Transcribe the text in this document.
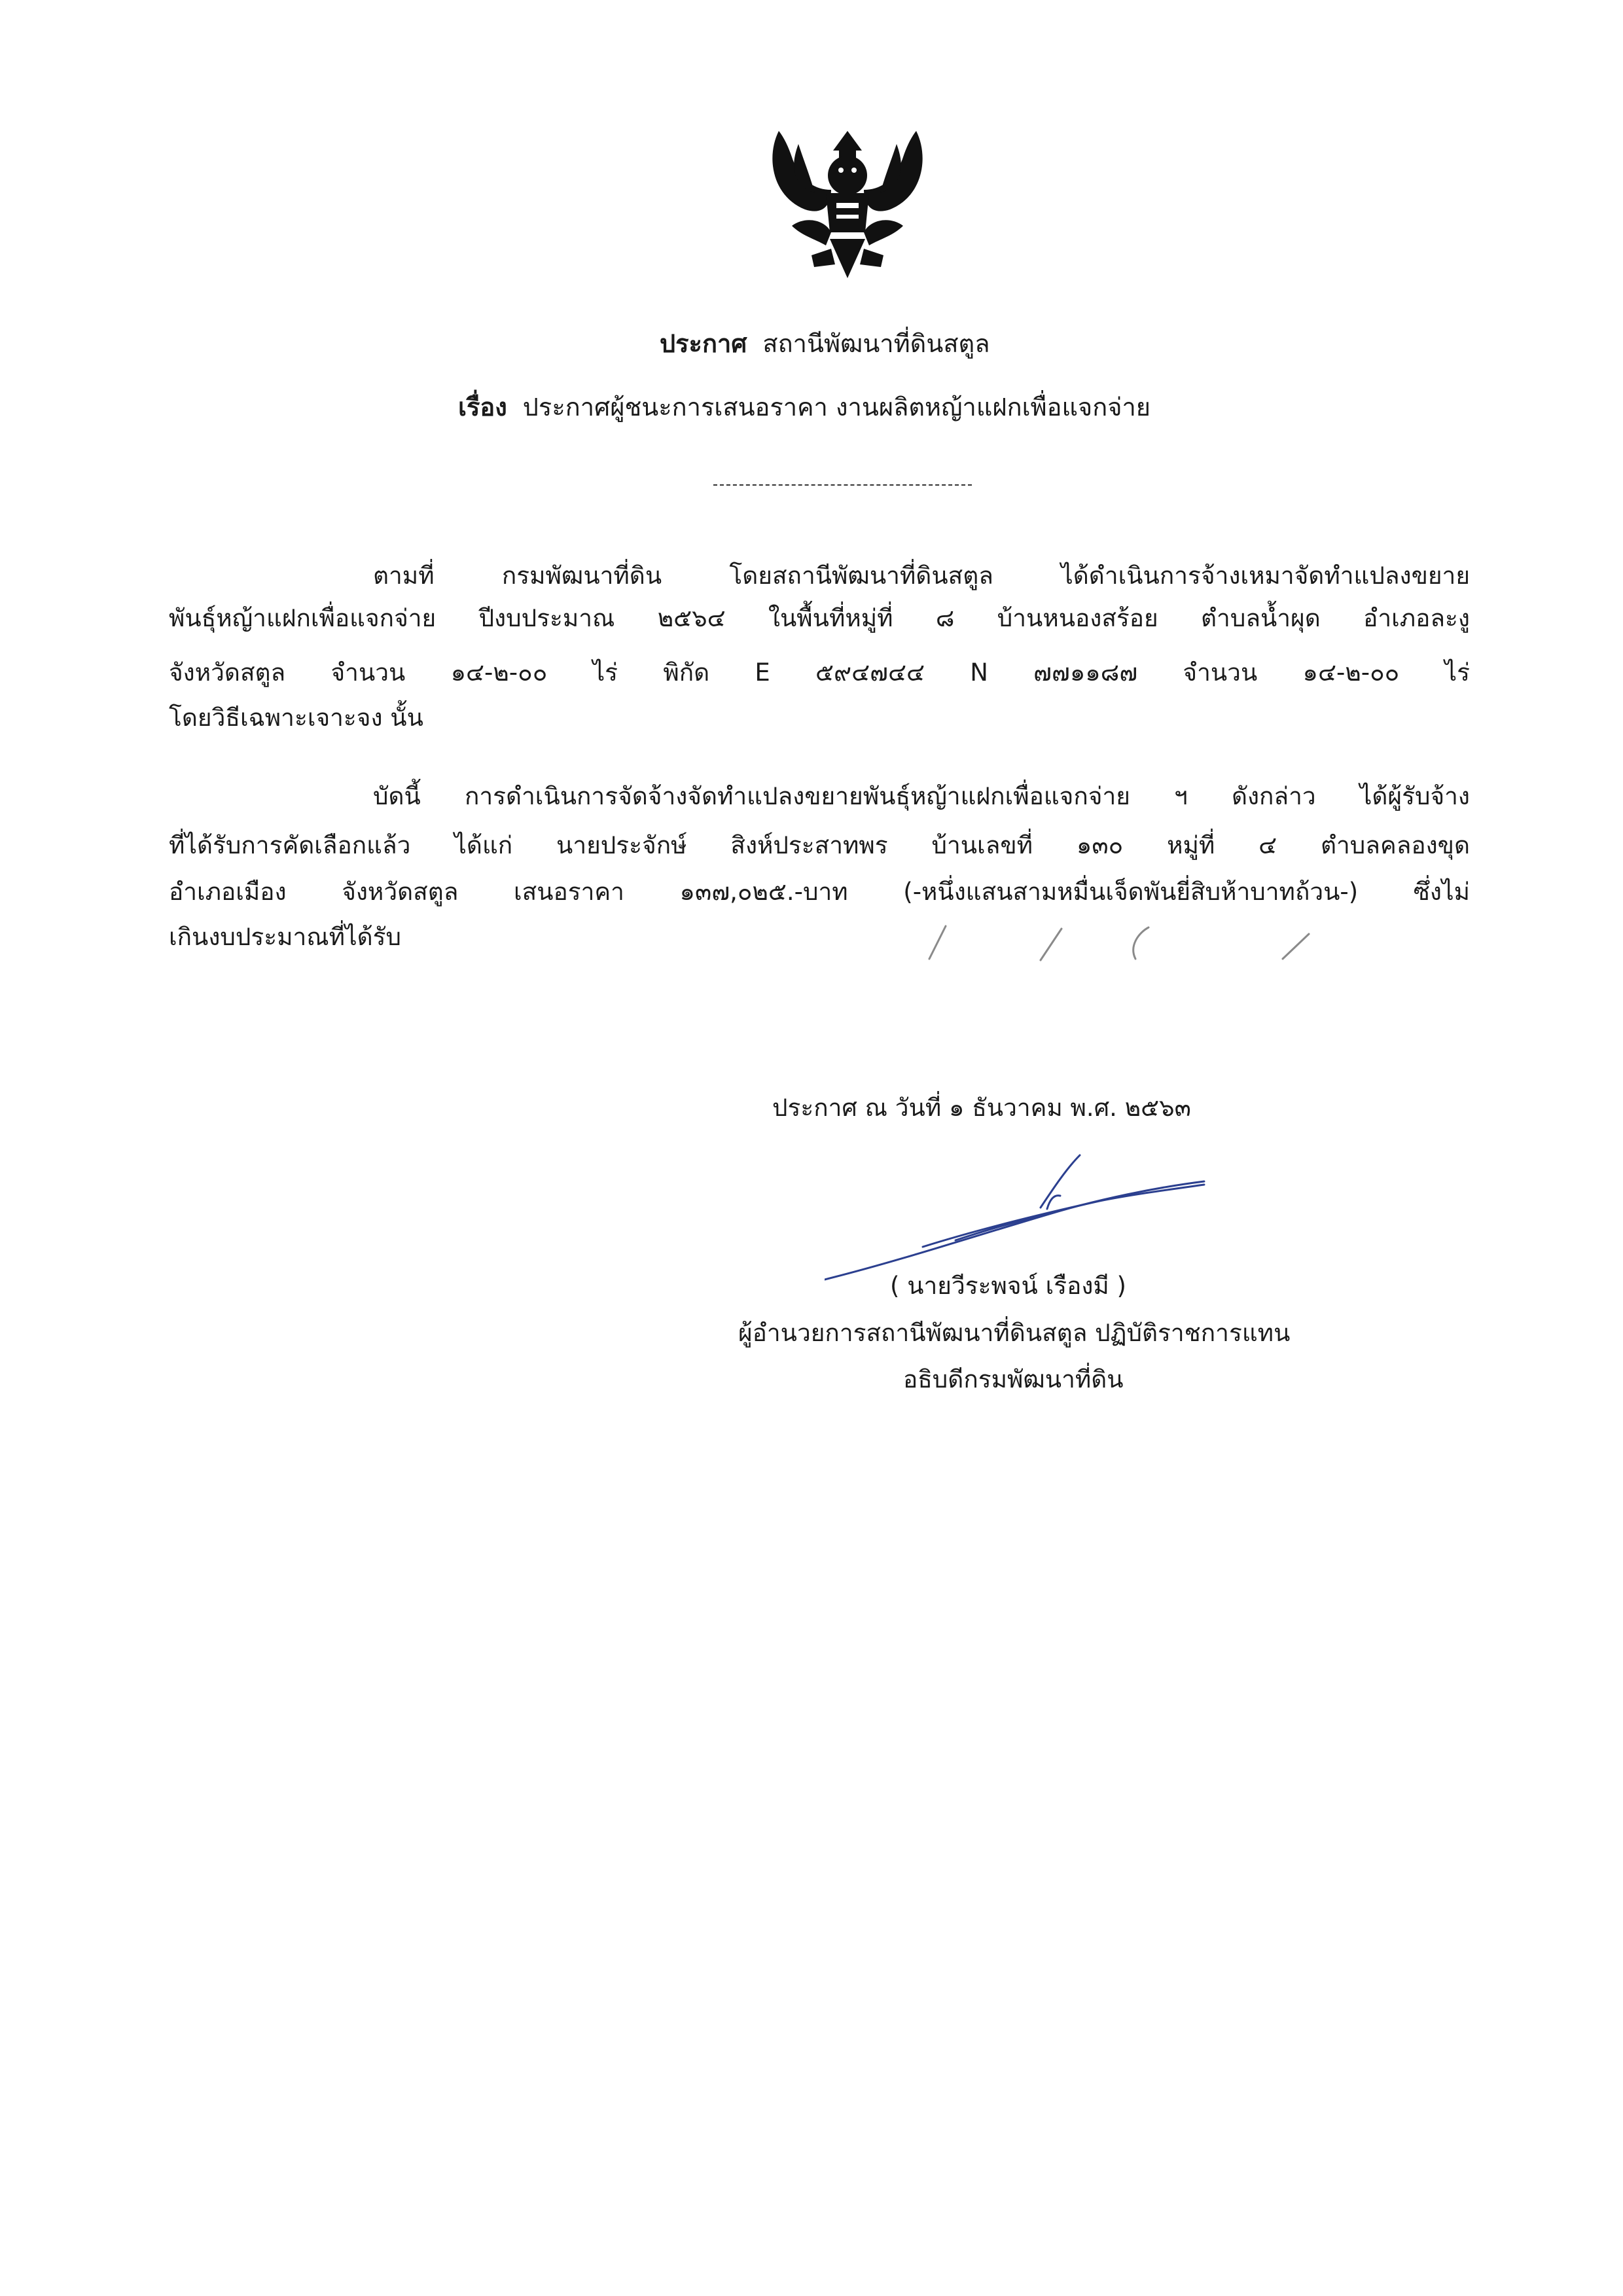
ประกาศ สถานีพัฒนาที่ดินสตูล
เรื่อง ประกาศผู้ชนะการเสนอราคา งานผลิตหญ้าแฝกเพื่อแจกจ่าย
ตามที่ กรมพัฒนาที่ดิน โดยสถานีพัฒนาที่ดินสตูล ได้ดำเนินการจ้างเหมาจัดทำแปลงขยาย
พันธุ์หญ้าแฝกเพื่อแจกจ่าย ปีงบประมาณ ๒๕๖๔ ในพื้นที่หมู่ที่ ๘ บ้านหนองสร้อย ตำบลน้ำผุด อำเภอละงู
จังหวัดสตูล จำนวน ๑๔-๒-๐๐ ไร่ พิกัด E ๕๙๔๗๔๔ N ๗๗๑๑๘๗ จำนวน ๑๔-๒-๐๐ ไร่
โดยวิธีเฉพาะเจาะจง นั้น
บัดนี้ การดำเนินการจัดจ้างจัดทำแปลงขยายพันธุ์หญ้าแฝกเพื่อแจกจ่าย ฯ ดังกล่าว ได้ผู้รับจ้าง
ที่ได้รับการคัดเลือกแล้ว ได้แก่ นายประจักษ์ สิงห์ประสาทพร บ้านเลขที่ ๑๓๐ หมู่ที่ ๔ ตำบลคลองขุด
อำเภอเมือง จังหวัดสตูล เสนอราคา ๑๓๗,๐๒๕.-บาท (-หนึ่งแสนสามหมื่นเจ็ดพันยี่สิบห้าบาทถ้วน-) ซึ่งไม่
เกินงบประมาณที่ได้รับ
ประกาศ ณ วันที่ ๑ ธันวาคม พ.ศ. ๒๕๖๓
( นายวีระพจน์ เรืองมี )
ผู้อำนวยการสถานีพัฒนาที่ดินสตูล ปฏิบัติราชการแทน
อธิบดีกรมพัฒนาที่ดิน
